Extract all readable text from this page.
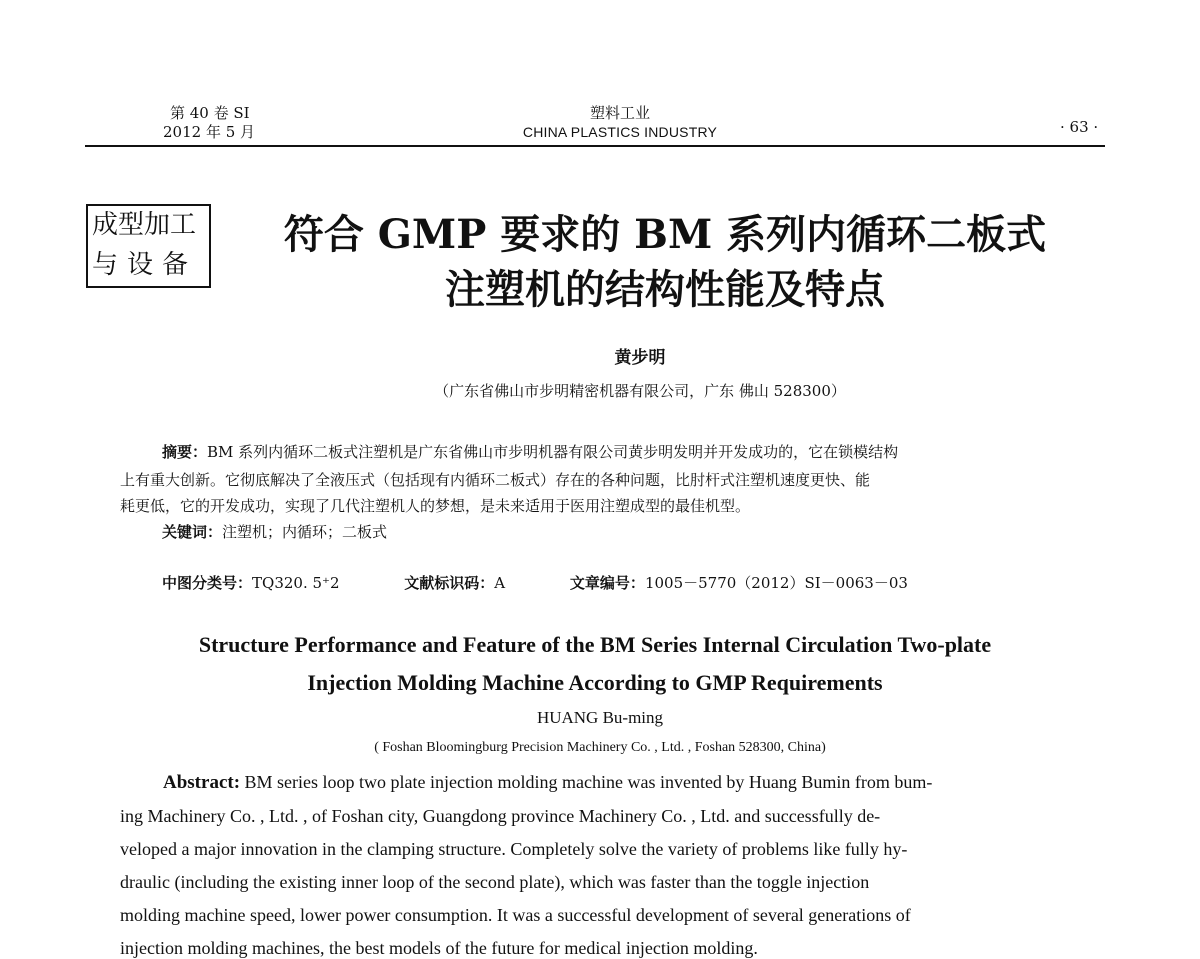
第 40 卷 SI
2012 年 5 月
塑料工业
CHINA PLASTICS INDUSTRY	· 63 ·
成型加工
与设备
符合 GMP 要求的 BM 系列内循环二板式
注塑机的结构性能及特点
黄步明
（广东省佛山市步明精密机器有限公司，广东 佛山 528300）
摘要：BM 系列内循环二板式注塑机是广东省佛山市步明机器有限公司黄步明发明并开发成功的，它在锁模结构
上有重大创新。它彻底解决了全液压式（包括现有内循环二板式）存在的各种问题，比肘杆式注塑机速度更快、能
耗更低，它的开发成功，实现了几代注塑机人的梦想，是未来适用于医用注塑成型的最佳机型。
关键词：注塑机；内循环；二板式
中图分类号：TQ320. 5⁺2	文献标识码：A	文章编号：1005－5770（2012）SI－0063－03
Structure Performance and Feature of the BM Series Internal Circulation Two-plate
Injection Molding Machine According to GMP Requirements
HUANG Bu-ming
( Foshan Bloomingburg Precision Machinery Co. , Ltd. , Foshan 528300, China)
Abstract: BM series loop two plate injection molding machine was invented by Huang Bumin from bum-
ing Machinery Co. , Ltd. , of Foshan city, Guangdong province Machinery Co. , Ltd. and successfully de-
veloped a major innovation in the clamping structure. Completely solve the variety of problems like fully hy-
draulic (including the existing inner loop of the second plate), which was faster than the toggle injection
molding machine speed, lower power consumption. It was a successful development of several generations of
injection molding machines, the best models of the future for medical injection molding.
